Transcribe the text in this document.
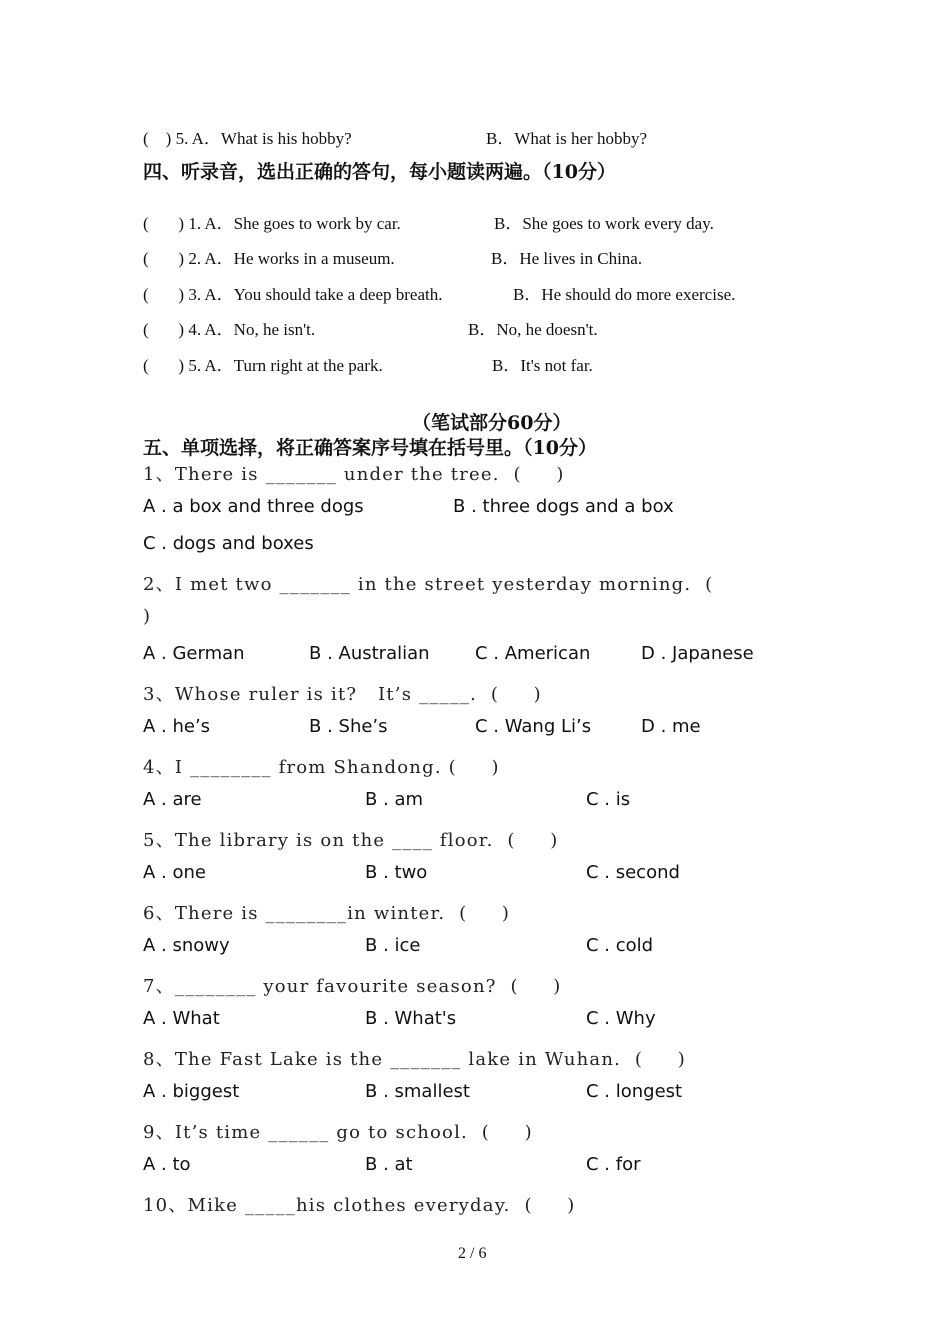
(    ) 5. A．What is his hobby?	B．What is her hobby?
四、听录音，选出正确的答句，每小题读两遍。（10分）
(       ) 1. A．She goes to work by car.	B．She goes to work every day.
(       ) 2. A．He works in a museum.	B．He lives in China.
(       ) 3. A．You should take a deep breath.	B．He should do more exercise.
(       ) 4. A．No, he isn't.	B．No, he doesn't.
(       ) 5. A．Turn right at the park.	B．It's not far.
（笔试部分60分）
五、单项选择，将正确答案序号填在括号里。（10分）
1、There is _______ under the tree.  (     )
A . a box and three dogs	B . three dogs and a box
C . dogs and boxes
2、I met two _______ in the street yesterday morning.  (
)
A . German	B . Australian	C . American	D . Japanese
3、Whose ruler is it?   It’s _____.  (     )
A . he’s	B . She’s	C . Wang Li’s	D . me
4、I ________ from Shandong. (     )
A . are	B . am	C . is
5、The library is on the ____ floor.  (     )
A . one	B . two	C . second
6、There is ________in winter.  (     )
A . snowy	B . ice	C . cold
7、________ your favourite season?  (     )
A . What	B . What's	C . Why
8、The Fast Lake is the _______ lake in Wuhan.  (     )
A . biggest	B . smallest	C . longest
9、It’s time ______ go to school.  (     )
A . to	B . at	C . for
10、Mike _____his clothes everyday.  (     )
2 / 6
